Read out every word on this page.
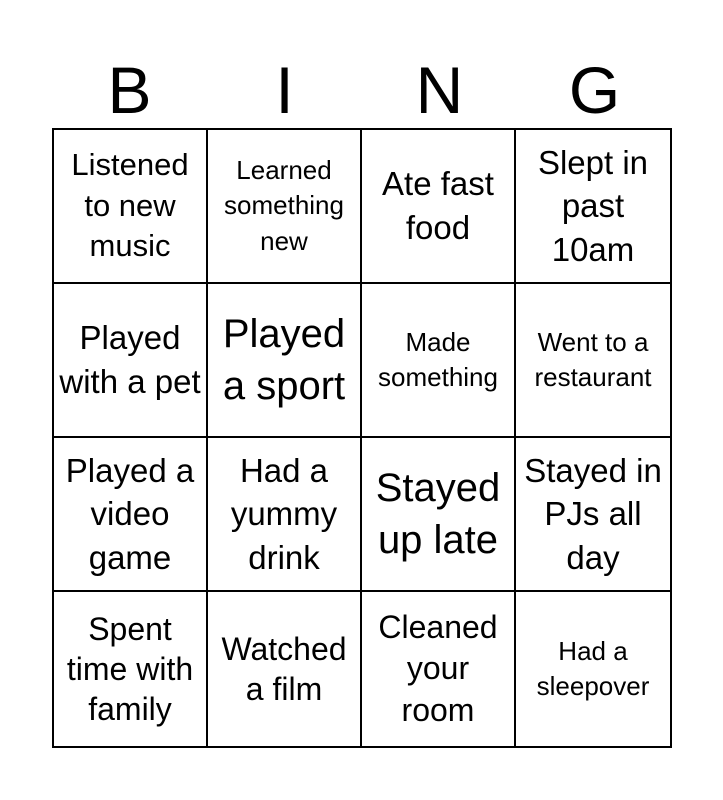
B	I	N	G
Listened to new music
Learned something new
Ate fast food
Slept in past 10am
Played with a pet
Played a sport
Made something
Went to a restaurant
Played a video game
Had a yummy drink
Stayed up late
Stayed in PJs all day
Spent time with family
Watched a film
Cleaned your room
Had a sleepover
